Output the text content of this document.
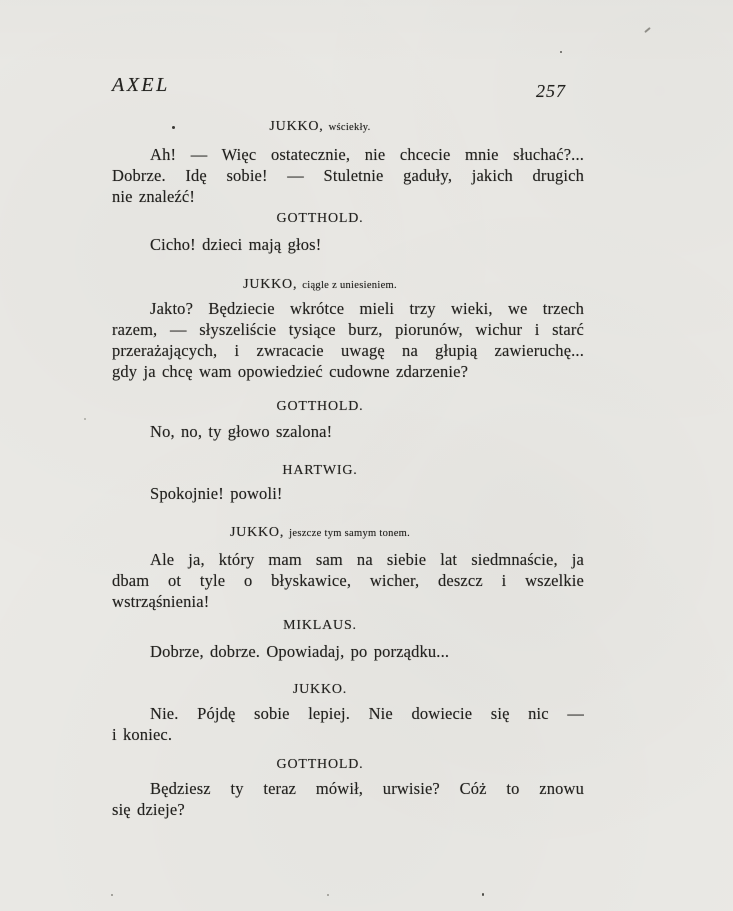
AXEL	257
JUKKO, wściekły.
Ah! — Więc ostatecznie, nie chcecie mnie słuchać?...
Dobrze. Idę sobie! — Stuletnie gaduły, jakich drugich
nie znaleźć!
GOTTHOLD.
Cicho! dzieci mają głos!
JUKKO, ciągle z uniesieniem.
Jakto? Będziecie wkrótce mieli trzy wieki, we trzech
razem, — słyszeliście tysiące burz, piorunów, wichur i starć
przerażających, i zwracacie uwagę na głupią zawieruchę...
gdy ja chcę wam opowiedzieć cudowne zdarzenie?
GOTTHOLD.
No, no, ty głowo szalona!
HARTWIG.
Spokojnie! powoli!
JUKKO, jeszcze tym samym tonem.
Ale ja, który mam sam na siebie lat siedmnaście, ja
dbam ot tyle o błyskawice, wicher, deszcz i wszelkie
wstrząśnienia!
MIKLAUS.
Dobrze, dobrze. Opowiadaj, po porządku...
JUKKO.
Nie. Pójdę sobie lepiej. Nie dowiecie się nic —
i koniec.
GOTTHOLD.
Będziesz ty teraz mówił, urwisie? Cóż to znowu
się dzieje?
